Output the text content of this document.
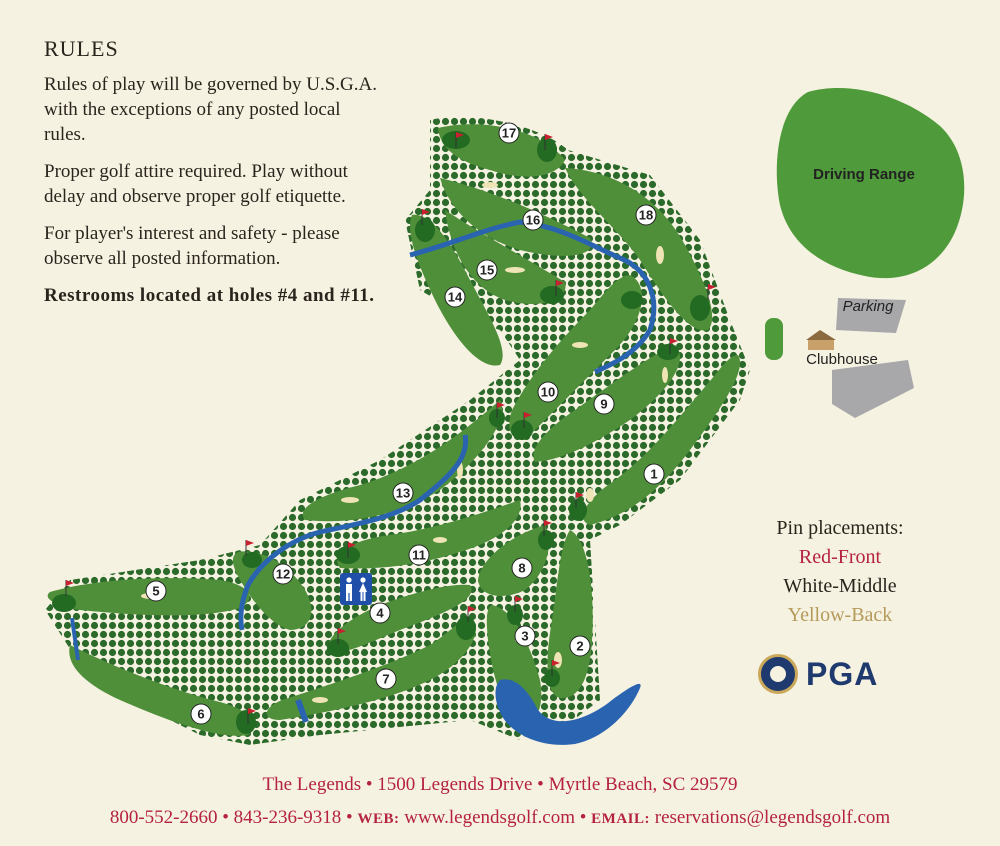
RULES

Rules of play will be governed by U.S.G.A. with the exceptions of any posted local rules.

Proper golf attire required. Play without delay and observe proper golf etiquette.

For player's interest and safety - please observe all posted information.

Restrooms located at holes #4 and #11.

Driving Range
Parking
Clubhouse
1
2
3
4
5
6
7
8
9
10
11
12
13
14
15
16
17
18
Pin placements:
Red-Front
White-Middle
Yellow-Back
PGA
The Legends • 1500 Legends Drive • Myrtle Beach, SC 29579
800-552-2660 • 843-236-9318 • WEB: www.legendsgolf.com • EMAIL: reservations@legendsgolf.com
